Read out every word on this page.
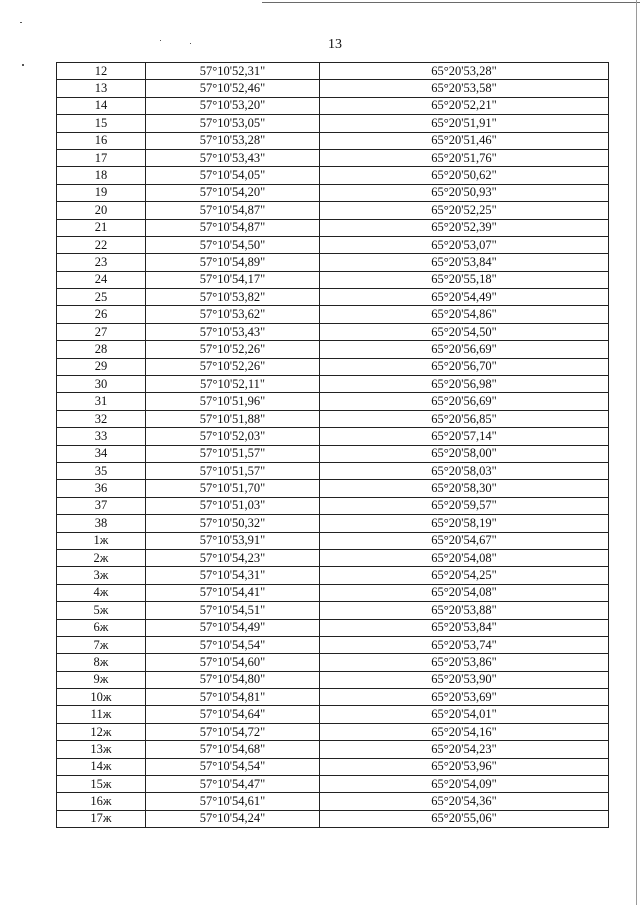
13
12	57°10'52,31"	65°20'53,28"
13	57°10'52,46"	65°20'53,58"
14	57°10'53,20"	65°20'52,21"
15	57°10'53,05"	65°20'51,91"
16	57°10'53,28"	65°20'51,46"
17	57°10'53,43"	65°20'51,76"
18	57°10'54,05"	65°20'50,62"
19	57°10'54,20"	65°20'50,93"
20	57°10'54,87"	65°20'52,25"
21	57°10'54,87"	65°20'52,39"
22	57°10'54,50"	65°20'53,07"
23	57°10'54,89"	65°20'53,84"
24	57°10'54,17"	65°20'55,18"
25	57°10'53,82"	65°20'54,49"
26	57°10'53,62"	65°20'54,86"
27	57°10'53,43"	65°20'54,50"
28	57°10'52,26"	65°20'56,69"
29	57°10'52,26"	65°20'56,70"
30	57°10'52,11"	65°20'56,98"
31	57°10'51,96"	65°20'56,69"
32	57°10'51,88"	65°20'56,85"
33	57°10'52,03"	65°20'57,14"
34	57°10'51,57"	65°20'58,00"
35	57°10'51,57"	65°20'58,03"
36	57°10'51,70"	65°20'58,30"
37	57°10'51,03"	65°20'59,57"
38	57°10'50,32"	65°20'58,19"
1ж	57°10'53,91"	65°20'54,67"
2ж	57°10'54,23"	65°20'54,08"
3ж	57°10'54,31"	65°20'54,25"
4ж	57°10'54,41"	65°20'54,08"
5ж	57°10'54,51"	65°20'53,88"
6ж	57°10'54,49"	65°20'53,84"
7ж	57°10'54,54"	65°20'53,74"
8ж	57°10'54,60"	65°20'53,86"
9ж	57°10'54,80"	65°20'53,90"
10ж	57°10'54,81"	65°20'53,69"
11ж	57°10'54,64"	65°20'54,01"
12ж	57°10'54,72"	65°20'54,16"
13ж	57°10'54,68"	65°20'54,23"
14ж	57°10'54,54"	65°20'53,96"
15ж	57°10'54,47"	65°20'54,09"
16ж	57°10'54,61"	65°20'54,36"
17ж	57°10'54,24"	65°20'55,06"
